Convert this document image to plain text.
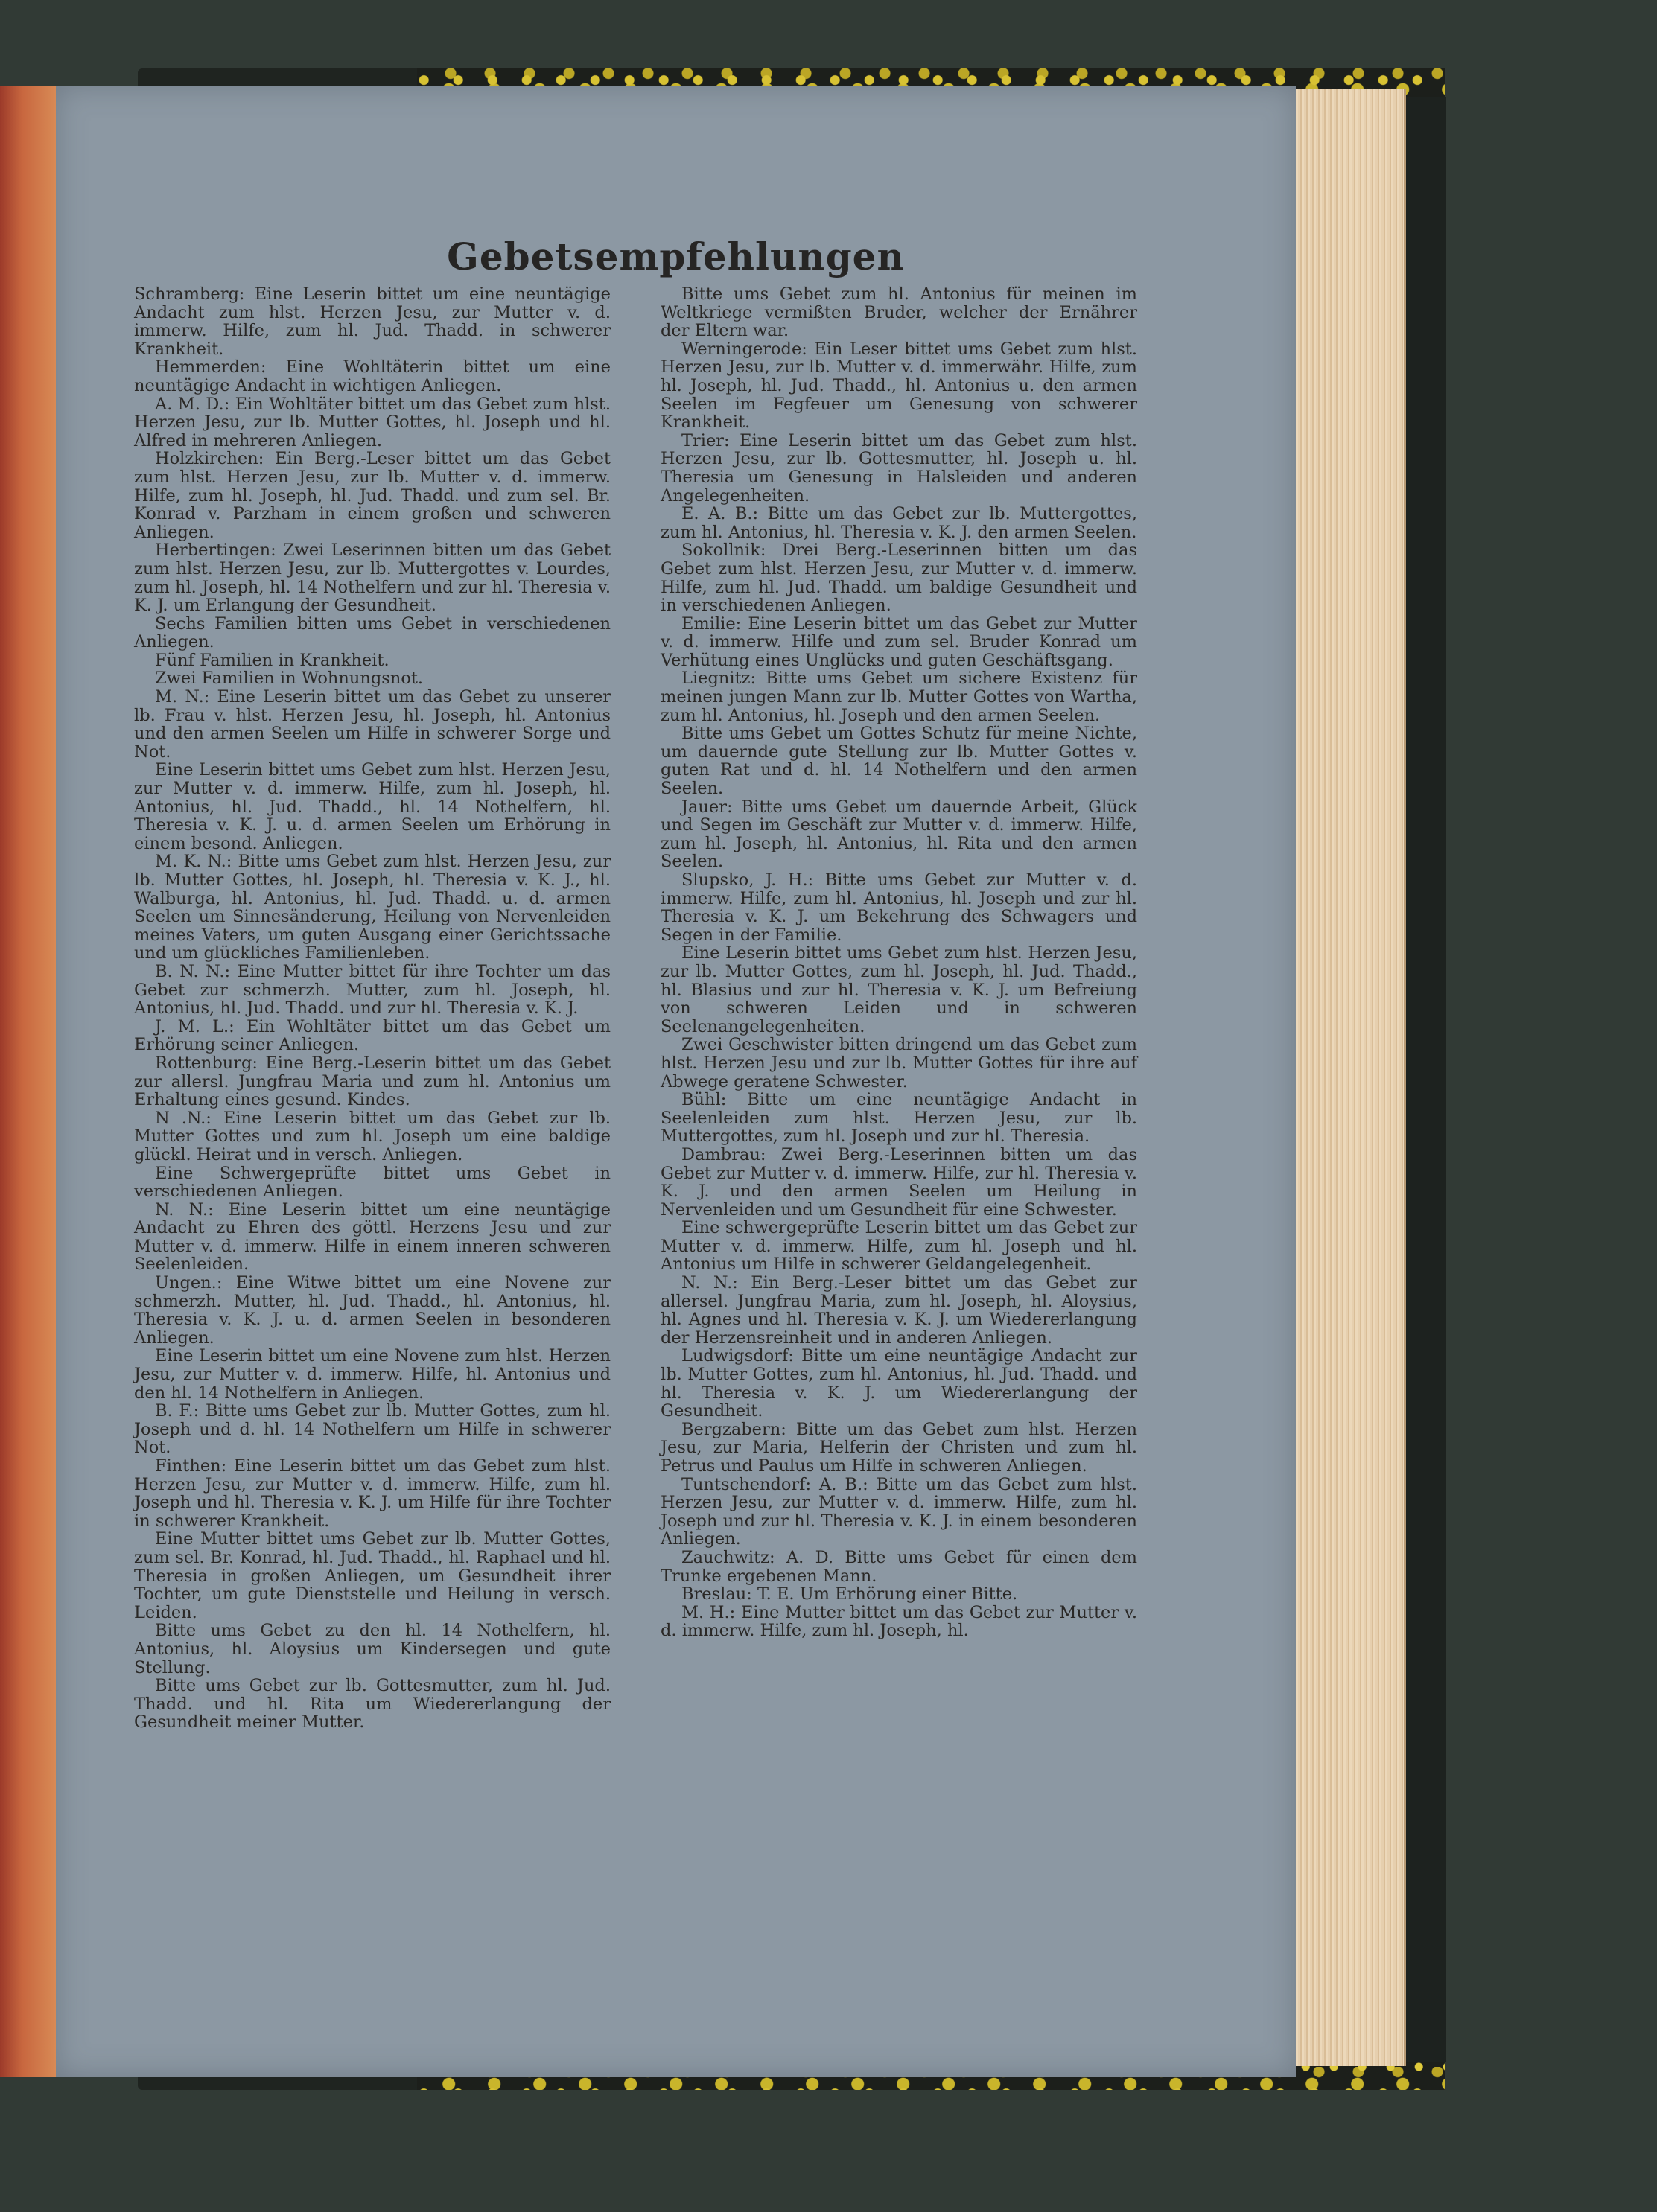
Gebetsempfehlungen

Schramberg: Eine Leserin bittet um eine neuntägige Andacht zum hlst. Herzen Jesu, zur Mutter v. d. immerw. Hilfe, zum hl. Jud. Thadd. in schwerer Krankheit.

Hemmerden: Eine Wohltäterin bittet um eine neuntägige Andacht in wichtigen Anliegen.

A. M. D.: Ein Wohltäter bittet um das Gebet zum hlst. Herzen Jesu, zur lb. Mutter Gottes, hl. Joseph und hl. Alfred in mehreren Anliegen.

Holzkirchen: Ein Berg.-Leser bittet um das Gebet zum hlst. Herzen Jesu, zur lb. Mutter v. d. immerw. Hilfe, zum hl. Joseph, hl. Jud. Thadd. und zum sel. Br. Konrad v. Parzham in einem großen und schweren Anliegen.

Herbertingen: Zwei Leserinnen bitten um das Gebet zum hlst. Herzen Jesu, zur lb. Muttergottes v. Lourdes, zum hl. Joseph, hl. 14 Nothelfern und zur hl. Theresia v. K. J. um Erlangung der Gesundheit.

Sechs Familien bitten ums Gebet in verschiedenen Anliegen.

Fünf Familien in Krankheit.

Zwei Familien in Wohnungsnot.

M. N.: Eine Leserin bittet um das Gebet zu unserer lb. Frau v. hlst. Herzen Jesu, hl. Joseph, hl. Antonius und den armen Seelen um Hilfe in schwerer Sorge und Not.

Eine Leserin bittet ums Gebet zum hlst. Herzen Jesu, zur Mutter v. d. immerw. Hilfe, zum hl. Joseph, hl. Antonius, hl. Jud. Thadd., hl. 14 Nothelfern, hl. Theresia v. K. J. u. d. armen Seelen um Erhörung in einem besond. Anliegen.

M. K. N.: Bitte ums Gebet zum hlst. Herzen Jesu, zur lb. Mutter Gottes, hl. Joseph, hl. Theresia v. K. J., hl. Walburga, hl. Antonius, hl. Jud. Thadd. u. d. armen Seelen um Sinnesänderung, Heilung von Nervenleiden meines Vaters, um guten Ausgang einer Gerichtssache und um glückliches Familienleben.

B. N. N.: Eine Mutter bittet für ihre Tochter um das Gebet zur schmerzh. Mutter, zum hl. Joseph, hl. Antonius, hl. Jud. Thadd. und zur hl. Theresia v. K. J.

J. M. L.: Ein Wohltäter bittet um das Gebet um Erhörung seiner Anliegen.

Rottenburg: Eine Berg.-Leserin bittet um das Gebet zur allersl. Jungfrau Maria und zum hl. Antonius um Erhaltung eines gesund. Kindes.

N .N.: Eine Leserin bittet um das Gebet zur lb. Mutter Gottes und zum hl. Joseph um eine baldige glückl. Heirat und in versch. Anliegen.

Eine Schwergeprüfte bittet ums Gebet in verschiedenen Anliegen.

N. N.: Eine Leserin bittet um eine neuntägige Andacht zu Ehren des göttl. Herzens Jesu und zur Mutter v. d. immerw. Hilfe in einem inneren schweren Seelenleiden.

Ungen.: Eine Witwe bittet um eine Novene zur schmerzh. Mutter, hl. Jud. Thadd., hl. Antonius, hl. Theresia v. K. J. u. d. armen Seelen in besonderen Anliegen.

Eine Leserin bittet um eine Novene zum hlst. Herzen Jesu, zur Mutter v. d. immerw. Hilfe, hl. Antonius und den hl. 14 Nothelfern in Anliegen.

B. F.: Bitte ums Gebet zur lb. Mutter Gottes, zum hl. Joseph und d. hl. 14 Nothelfern um Hilfe in schwerer Not.

Finthen: Eine Leserin bittet um das Gebet zum hlst. Herzen Jesu, zur Mutter v. d. immerw. Hilfe, zum hl. Joseph und hl. Theresia v. K. J. um Hilfe für ihre Tochter in schwerer Krankheit.

Eine Mutter bittet ums Gebet zur lb. Mutter Gottes, zum sel. Br. Konrad, hl. Jud. Thadd., hl. Raphael und hl. Theresia in großen Anliegen, um Gesundheit ihrer Tochter, um gute Dienststelle und Heilung in versch. Leiden.

Bitte ums Gebet zu den hl. 14 Nothelfern, hl. Antonius, hl. Aloysius um Kindersegen und gute Stellung.

Bitte ums Gebet zur lb. Gottesmutter, zum hl. Jud. Thadd. und hl. Rita um Wiedererlangung der Gesundheit meiner Mutter.

Bitte ums Gebet zum hl. Antonius für meinen im Weltkriege vermißten Bruder, welcher der Ernährer der Eltern war.

Werningerode: Ein Leser bittet ums Gebet zum hlst. Herzen Jesu, zur lb. Mutter v. d. immerwähr. Hilfe, zum hl. Joseph, hl. Jud. Thadd., hl. Antonius u. den armen Seelen im Fegfeuer um Genesung von schwerer Krankheit.

Trier: Eine Leserin bittet um das Gebet zum hlst. Herzen Jesu, zur lb. Gottesmutter, hl. Joseph u. hl. Theresia um Genesung in Halsleiden und anderen Angelegenheiten.

E. A. B.: Bitte um das Gebet zur lb. Muttergottes, zum hl. Antonius, hl. Theresia v. K. J. den armen Seelen.

Sokollnik: Drei Berg.-Leserinnen bitten um das Gebet zum hlst. Herzen Jesu, zur Mutter v. d. immerw. Hilfe, zum hl. Jud. Thadd. um baldige Gesundheit und in verschiedenen Anliegen.

Emilie: Eine Leserin bittet um das Gebet zur Mutter v. d. immerw. Hilfe und zum sel. Bruder Konrad um Verhütung eines Unglücks und guten Geschäftsgang.

Liegnitz: Bitte ums Gebet um sichere Existenz für meinen jungen Mann zur lb. Mutter Gottes von Wartha, zum hl. Antonius, hl. Joseph und den armen Seelen.

Bitte ums Gebet um Gottes Schutz für meine Nichte, um dauernde gute Stellung zur lb. Mutter Gottes v. guten Rat und d. hl. 14 Nothelfern und den armen Seelen.

Jauer: Bitte ums Gebet um dauernde Arbeit, Glück und Segen im Geschäft zur Mutter v. d. immerw. Hilfe, zum hl. Joseph, hl. Antonius, hl. Rita und den armen Seelen.

Slupsko, J. H.: Bitte ums Gebet zur Mutter v. d. immerw. Hilfe, zum hl. Antonius, hl. Joseph und zur hl. Theresia v. K. J. um Bekehrung des Schwagers und Segen in der Familie.

Eine Leserin bittet ums Gebet zum hlst. Herzen Jesu, zur lb. Mutter Gottes, zum hl. Joseph, hl. Jud. Thadd., hl. Blasius und zur hl. Theresia v. K. J. um Befreiung von schweren Leiden und in schweren Seelenangelegenheiten.

Zwei Geschwister bitten dringend um das Gebet zum hlst. Herzen Jesu und zur lb. Mutter Gottes für ihre auf Abwege geratene Schwester.

Bühl: Bitte um eine neuntägige Andacht in Seelenleiden zum hlst. Herzen Jesu, zur lb. Muttergottes, zum hl. Joseph und zur hl. Theresia.

Dambrau: Zwei Berg.-Leserinnen bitten um das Gebet zur Mutter v. d. immerw. Hilfe, zur hl. Theresia v. K. J. und den armen Seelen um Heilung in Nervenleiden und um Gesundheit für eine Schwester.

Eine schwergeprüfte Leserin bittet um das Gebet zur Mutter v. d. immerw. Hilfe, zum hl. Joseph und hl. Antonius um Hilfe in schwerer Geldangelegenheit.

N. N.: Ein Berg.-Leser bittet um das Gebet zur allersel. Jungfrau Maria, zum hl. Joseph, hl. Aloysius, hl. Agnes und hl. Theresia v. K. J. um Wiedererlangung der Herzensreinheit und in anderen Anliegen.

Ludwigsdorf: Bitte um eine neuntägige Andacht zur lb. Mutter Gottes, zum hl. Antonius, hl. Jud. Thadd. und hl. Theresia v. K. J. um Wiedererlangung der Gesundheit.

Bergzabern: Bitte um das Gebet zum hlst. Herzen Jesu, zur Maria, Helferin der Christen und zum hl. Petrus und Paulus um Hilfe in schweren Anliegen.

Tuntschendorf: A. B.: Bitte um das Gebet zum hlst. Herzen Jesu, zur Mutter v. d. immerw. Hilfe, zum hl. Joseph und zur hl. Theresia v. K. J. in einem besonderen Anliegen.

Zauchwitz: A. D. Bitte ums Gebet für einen dem Trunke ergebenen Mann.

Breslau: T. E. Um Erhörung einer Bitte.

M. H.: Eine Mutter bittet um das Gebet zur Mutter v. d. immerw. Hilfe, zum hl. Joseph, hl.
